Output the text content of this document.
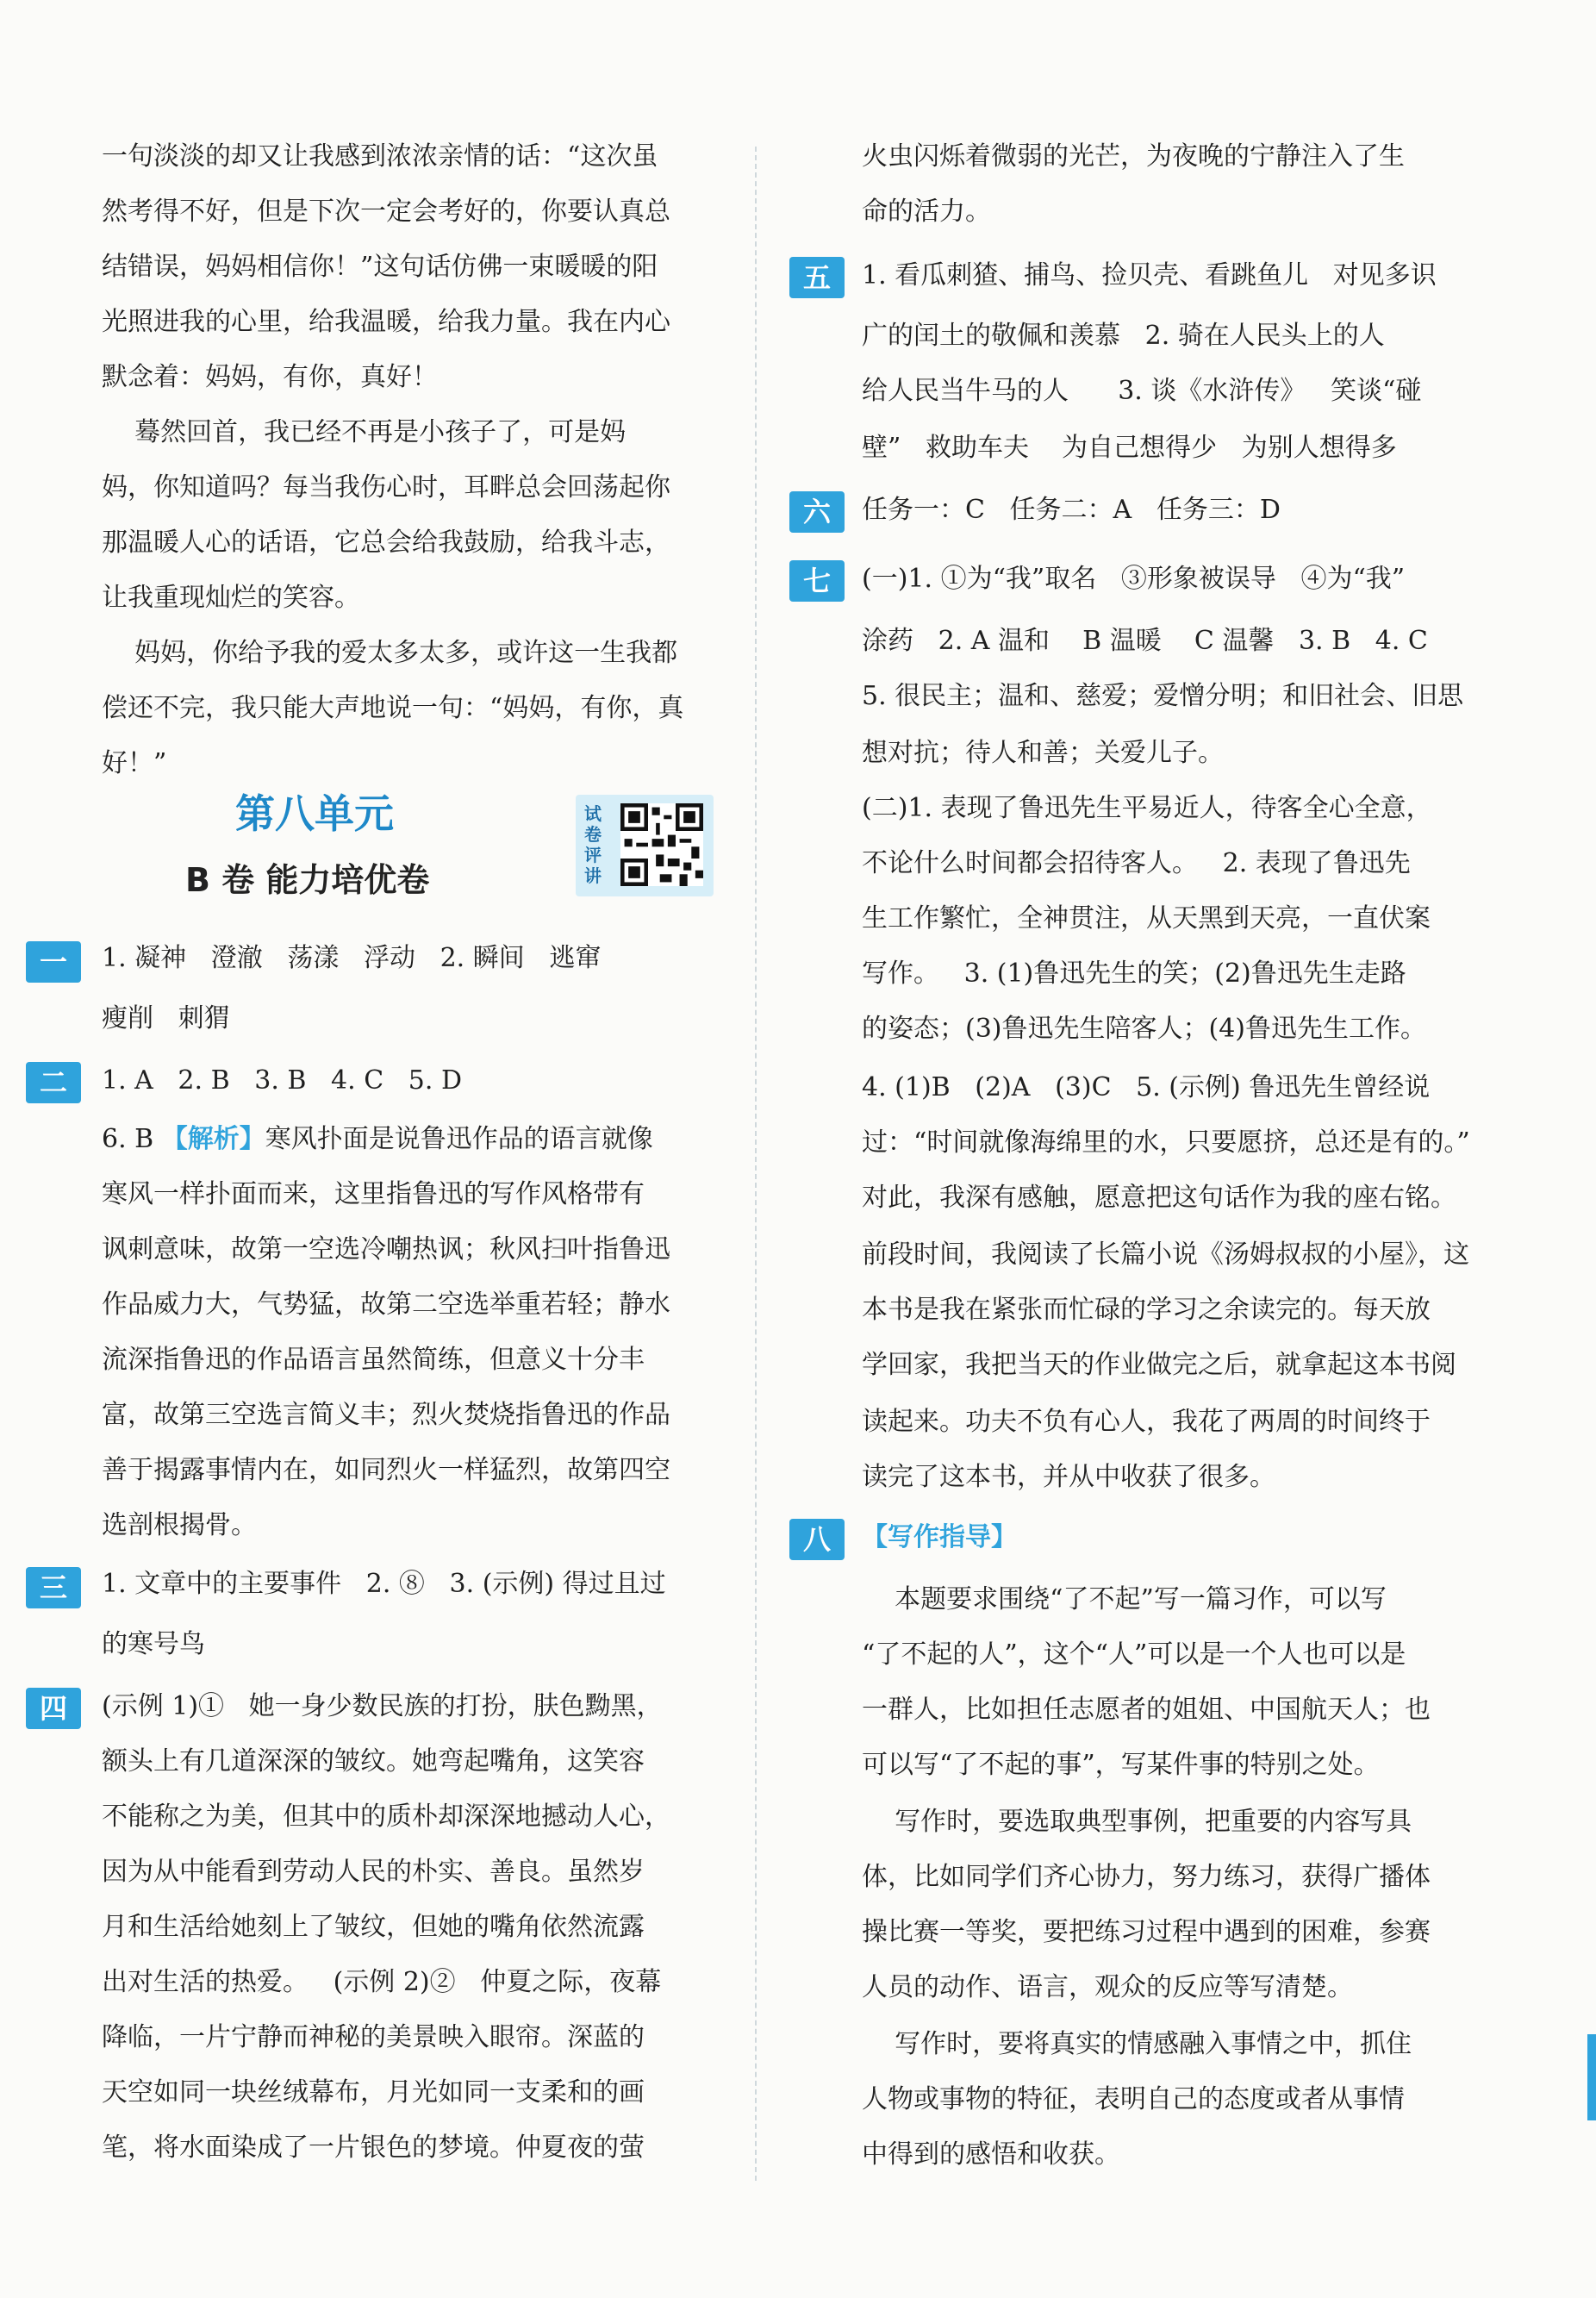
一句淡淡的却又让我感到浓浓亲情的话：“这次虽

然考得不好，但是下次一定会考好的，你要认真总

结错误，妈妈相信你！”这句话仿佛一束暖暖的阳

光照进我的心里，给我温暖，给我力量。我在内心

默念着：妈妈，有你，真好！

蓦然回首，我已经不再是小孩子了，可是妈

妈，你知道吗？每当我伤心时，耳畔总会回荡起你

那温暖人心的话语，它总会给我鼓励，给我斗志，

让我重现灿烂的笑容。

妈妈，你给予我的爱太多太多，或许这一生我都

偿还不完，我只能大声地说一句：“妈妈，有你，真好！”

第八单元
B 卷 能力培优卷
试卷评讲
一	1. 凝神   澄澈   荡漾   浮动   2. 瞬间   逃窜

瘦削   刺猬

二	1. A   2. B   3. B   4. C   5. D

6. B 【解析】寒风扑面是说鲁迅作品的语言就像

寒风一样扑面而来，这里指鲁迅的写作风格带有

讽刺意味，故第一空选冷嘲热讽；秋风扫叶指鲁迅

作品威力大，气势猛，故第二空选举重若轻；静水

流深指鲁迅的作品语言虽然简练，但意义十分丰

富，故第三空选言简义丰；烈火焚烧指鲁迅的作品

善于揭露事情内在，如同烈火一样猛烈，故第四空

选剖根揭骨。

三	1. 文章中的主要事件   2. ⑧   3. (示例) 得过且过

的寒号鸟

四	(示例 1)①   她一身少数民族的打扮，肤色黝黑，

额头上有几道深深的皱纹。她弯起嘴角，这笑容

不能称之为美，但其中的质朴却深深地撼动人心，

因为从中能看到劳动人民的朴实、善良。虽然岁

月和生活给她刻上了皱纹，但她的嘴角依然流露

出对生活的热爱。   (示例 2)②   仲夏之际，夜幕

降临，一片宁静而神秘的美景映入眼帘。深蓝的

天空如同一块丝绒幕布，月光如同一支柔和的画

笔，将水面染成了一片银色的梦境。仲夏夜的萤

火虫闪烁着微弱的光芒，为夜晚的宁静注入了生

命的活力。

五	1. 看瓜刺猹、捕鸟、捡贝壳、看跳鱼儿   对见多识

广的闰土的敬佩和羡慕   2. 骑在人民头上的人

给人民当牛马的人      3. 谈《水浒传》   笑谈“碰

壁”   救助车夫    为自己想得少   为别人想得多

六	任务一：C   任务二：A   任务三：D

七	(一)1. ①为“我”取名   ③形象被误导   ④为“我”

涂药   2. A 温和    B 温暖    C 温馨   3. B   4. C

5. 很民主；温和、慈爱；爱憎分明；和旧社会、旧思

想对抗；待人和善；关爱儿子。

(二)1. 表现了鲁迅先生平易近人，待客全心全意，

不论什么时间都会招待客人。   2. 表现了鲁迅先

生工作繁忙，全神贯注，从天黑到天亮，一直伏案

写作。   3. (1)鲁迅先生的笑；(2)鲁迅先生走路

的姿态；(3)鲁迅先生陪客人；(4)鲁迅先生工作。

4. (1)B   (2)A   (3)C   5. (示例) 鲁迅先生曾经说

过：“时间就像海绵里的水，只要愿挤，总还是有的。”

对此，我深有感触，愿意把这句话作为我的座右铭。

前段时间，我阅读了长篇小说《汤姆叔叔的小屋》，这

本书是我在紧张而忙碌的学习之余读完的。每天放

学回家，我把当天的作业做完之后，就拿起这本书阅

读起来。功夫不负有心人，我花了两周的时间终于

读完了这本书，并从中收获了很多。

八	【写作指导】

本题要求围绕“了不起”写一篇习作，可以写

“了不起的人”，这个“人”可以是一个人也可以是

一群人，比如担任志愿者的姐姐、中国航天人；也

可以写“了不起的事”，写某件事的特别之处。

写作时，要选取典型事例，把重要的内容写具

体，比如同学们齐心协力，努力练习，获得广播体

操比赛一等奖，要把练习过程中遇到的困难，参赛

人员的动作、语言，观众的反应等写清楚。

写作时，要将真实的情感融入事情之中，抓住

人物或事物的特征，表明自己的态度或者从事情

中得到的感悟和收获。
